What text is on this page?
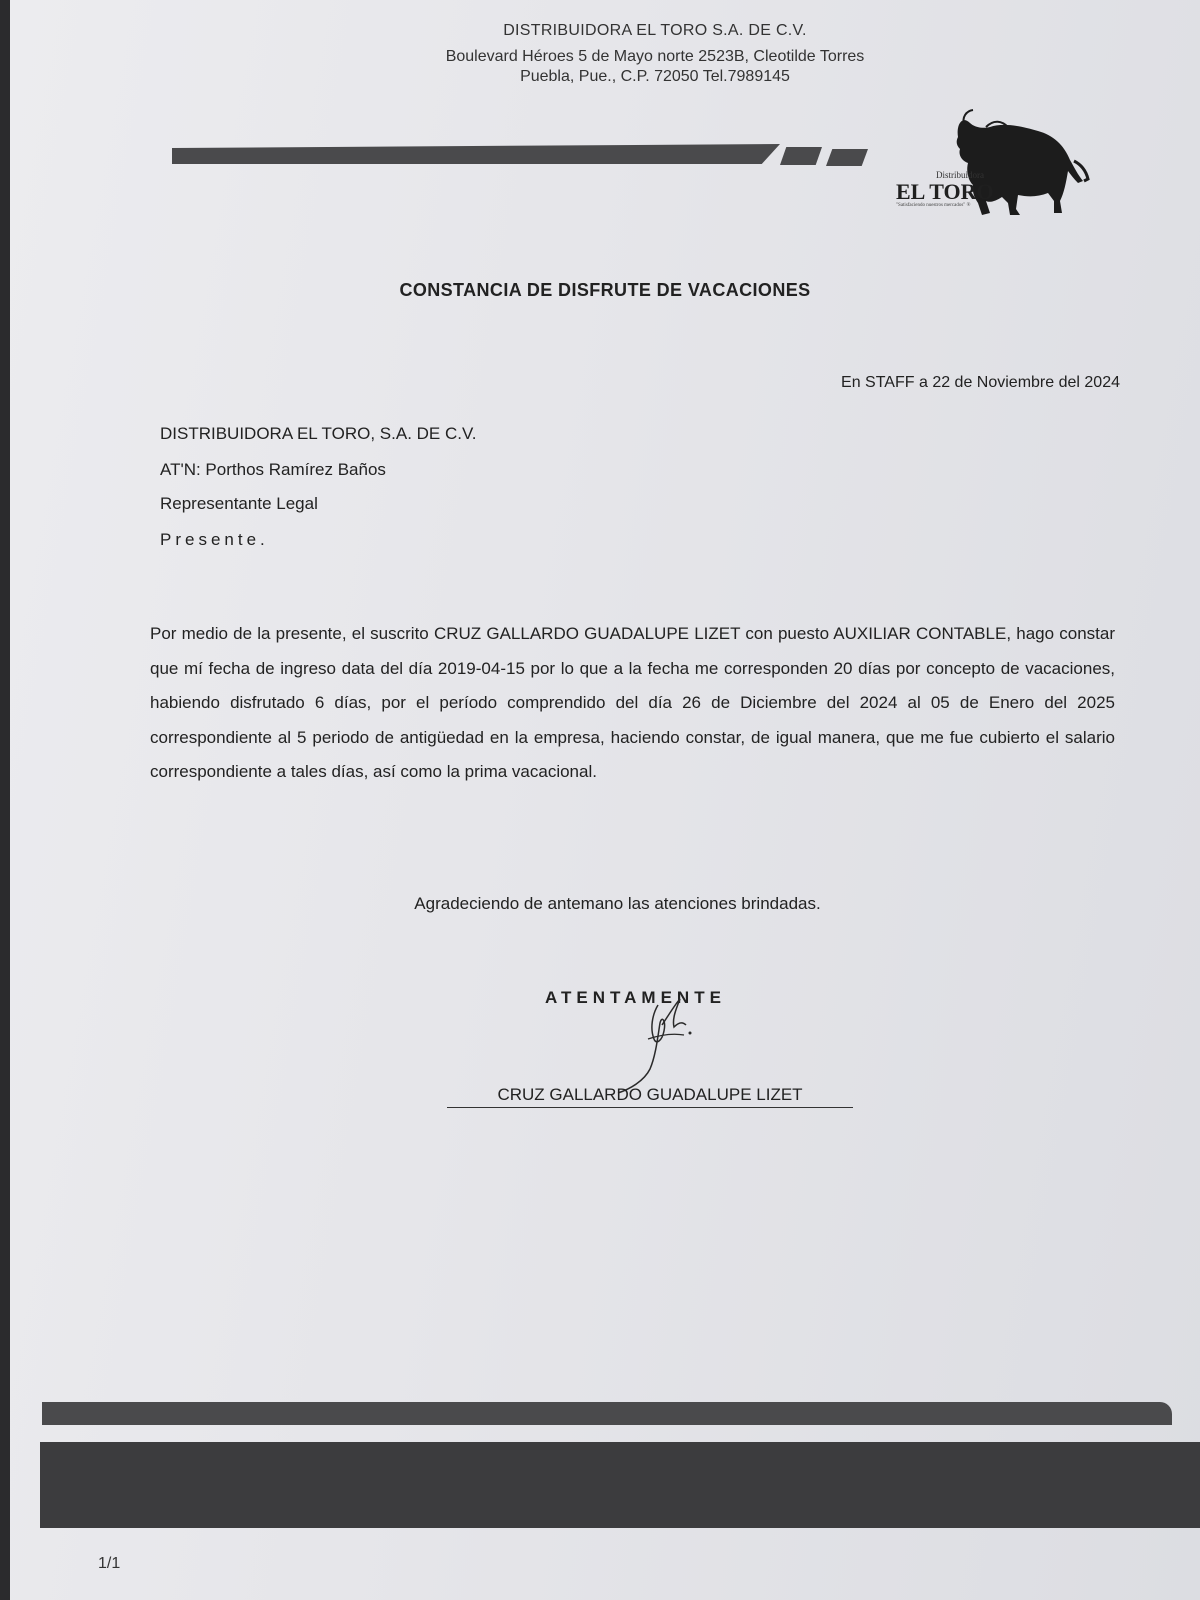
DISTRIBUIDORA EL TORO S.A. DE C.V.
Boulevard Héroes 5 de Mayo norte 2523B, Cleotilde Torres
Puebla, Pue., C.P. 72050 Tel.7989145
Distribuidora
EL TORO
"Satisfaciendo nuestros mercados" ®
CONSTANCIA DE DISFRUTE DE VACACIONES
En STAFF a 22 de Noviembre del 2024
DISTRIBUIDORA EL TORO, S.A. DE C.V.
AT'N: Porthos Ramírez Baños
Representante Legal
Presente.
Por medio de la presente, el suscrito CRUZ GALLARDO GUADALUPE LIZET con puesto AUXILIAR CONTABLE, hago constar que mí fecha de ingreso data del día 2019-04-15 por lo que a la fecha me corresponden 20 días por concepto de vacaciones, habiendo disfrutado 6 días, por el período comprendido del día 26 de Diciembre del 2024 al 05 de Enero del 2025 correspondiente al 5 periodo de antigüedad en la empresa, haciendo constar, de igual manera, que me fue cubierto el salario correspondiente a tales días, así como la prima vacacional.
Agradeciendo de antemano las atenciones brindadas.
ATENTAMENTE
CRUZ GALLARDO GUADALUPE LIZET
1/1
